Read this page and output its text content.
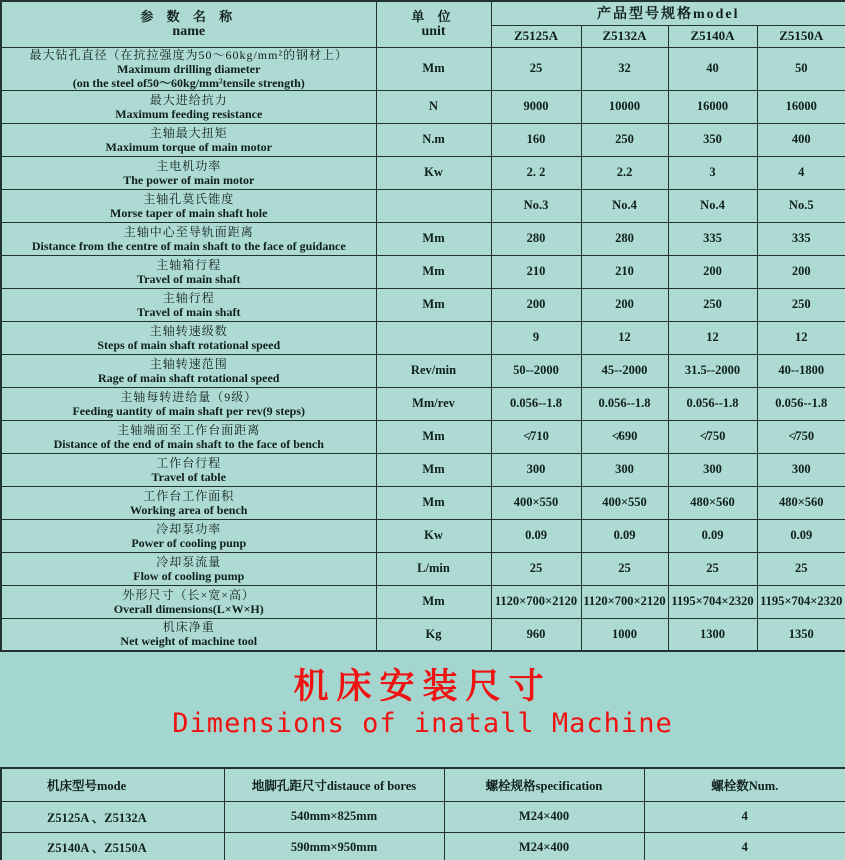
参 数 名 称
name

单 位
unit
	产品型号规格model
		Z5125A	Z5132A	Z5140A	Z5150A

最大钻孔直径（在抗拉强度为50～60kg/mm²的钢材上）
Maximum drilling diameter
(on the steel of50～60kg/mm²tensile strength)	Mm	25	32	40	50

最大进给抗力
Maximum feeding resistance	N	9000	10000	16000	16000

主轴最大扭矩
Maximum torque of main motor	N.m	160	250	350	400

主电机功率
The power of main motor	Kw	2. 2	2.2	3	4

主轴孔莫氏锥度
Morse taper of main shaft hole		No.3	No.4	No.4	No.5

主轴中心至导轨面距离
Distance from the centre of main shaft to the face of guidance	Mm	280	280	335	335

主轴箱行程
Travel of main shaft	Mm	210	210	200	200

主轴行程
Travel of main shaft	Mm	200	200	250	250

主轴转速级数
Steps of main shaft rotational speed		9	12	12	12

主轴转速范围
Rage of main shaft rotational speed	Rev/min	50--2000	45--2000	31.5--2000	40--1800

主轴每转进给量（9级）
Feeding uantity of main shaft per rev(9 steps)	Mm/rev	0.056--1.8	0.056--1.8	0.056--1.8	0.056--1.8

主轴端面至工作台面距离
Distance of the end of main shaft to the face of bench	Mm	≮710	≮690	≮750	≮750

工作台行程
Travel of table	Mm	300	300	300	300

工作台工作面积
Working area of bench	Mm	400×550	400×550	480×560	480×560

冷却泵功率
Power of cooling punp	Kw	0.09	0.09	0.09	0.09

冷却泵流量
Flow of cooling pump	L/min	25	25	25	25

外形尺寸（长×宽×高）
Overall dimensions(L×W×H)	Mm	1120×700×2120	1120×700×2120	1195×704×2320	1195×704×2320

机床净重
Net weight of machine tool	Kg	960	1000	1300	1350
机床安装尺寸
Dimensions of inatall Machine
机床型号mode	地脚孔距尺寸distauce of bores	螺栓规格specification	螺栓数Num.
Z5125A 、Z5132A	540mm×825mm	M24×400	4
Z5140A 、Z5150A	590mm×950mm	M24×400	4
